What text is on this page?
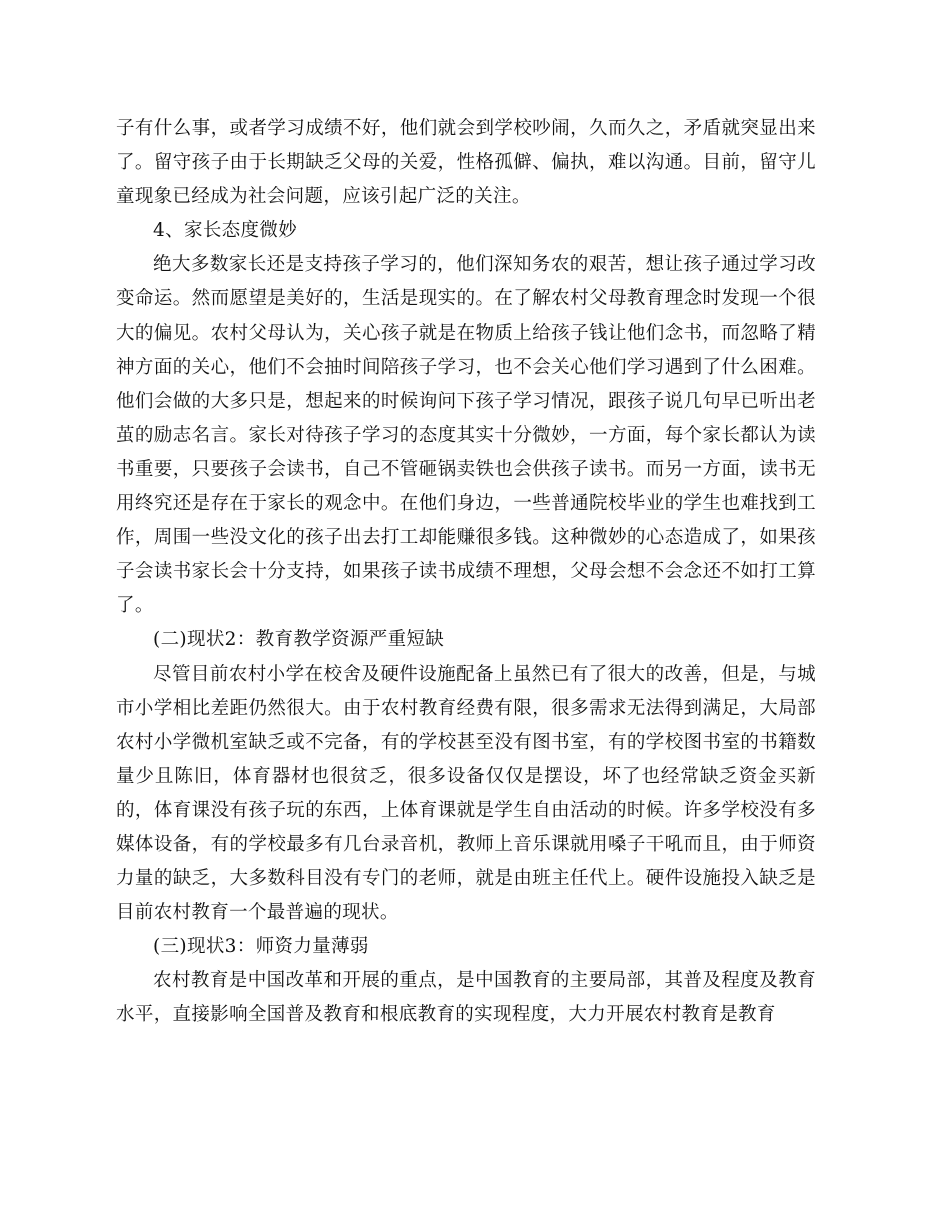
子有什么事，或者学习成绩不好，他们就会到学校吵闹，久而久之，矛盾就突显出来了。留守孩子由于长期缺乏父母的关爱，性格孤僻、偏执，难以沟通。目前，留守儿童现象已经成为社会问题，应该引起广泛的关注。

4、家长态度微妙

绝大多数家长还是支持孩子学习的，他们深知务农的艰苦，想让孩子通过学习改变命运。然而愿望是美好的，生活是现实的。在了解农村父母教育理念时发现一个很大的偏见。农村父母认为，关心孩子就是在物质上给孩子钱让他们念书，而忽略了精神方面的关心，他们不会抽时间陪孩子学习，也不会关心他们学习遇到了什么困难。他们会做的大多只是，想起来的时候询问下孩子学习情况，跟孩子说几句早已听出老茧的励志名言。家长对待孩子学习的态度其实十分微妙，一方面，每个家长都认为读书重要，只要孩子会读书，自己不管砸锅卖铁也会供孩子读书。而另一方面，读书无用终究还是存在于家长的观念中。在他们身边，一些普通院校毕业的学生也难找到工作，周围一些没文化的孩子出去打工却能赚很多钱。这种微妙的心态造成了，如果孩子会读书家长会十分支持，如果孩子读书成绩不理想，父母会想不会念还不如打工算了。

(二)现状2：教育教学资源严重短缺

尽管目前农村小学在校舍及硬件设施配备上虽然已有了很大的改善，但是，与城市小学相比差距仍然很大。由于农村教育经费有限，很多需求无法得到满足，大局部农村小学微机室缺乏或不完备，有的学校甚至没有图书室，有的学校图书室的书籍数量少且陈旧，体育器材也很贫乏，很多设备仅仅是摆设，坏了也经常缺乏资金买新的，体育课没有孩子玩的东西，上体育课就是学生自由活动的时候。许多学校没有多媒体设备，有的学校最多有几台录音机，教师上音乐课就用嗓子干吼而且，由于师资力量的缺乏，大多数科目没有专门的老师，就是由班主任代上。硬件设施投入缺乏是目前农村教育一个最普遍的现状。

(三)现状3：师资力量薄弱

农村教育是中国改革和开展的重点，是中国教育的主要局部，其普及程度及教育水平，直接影响全国普及教育和根底教育的实现程度，大力开展农村教育是教育
